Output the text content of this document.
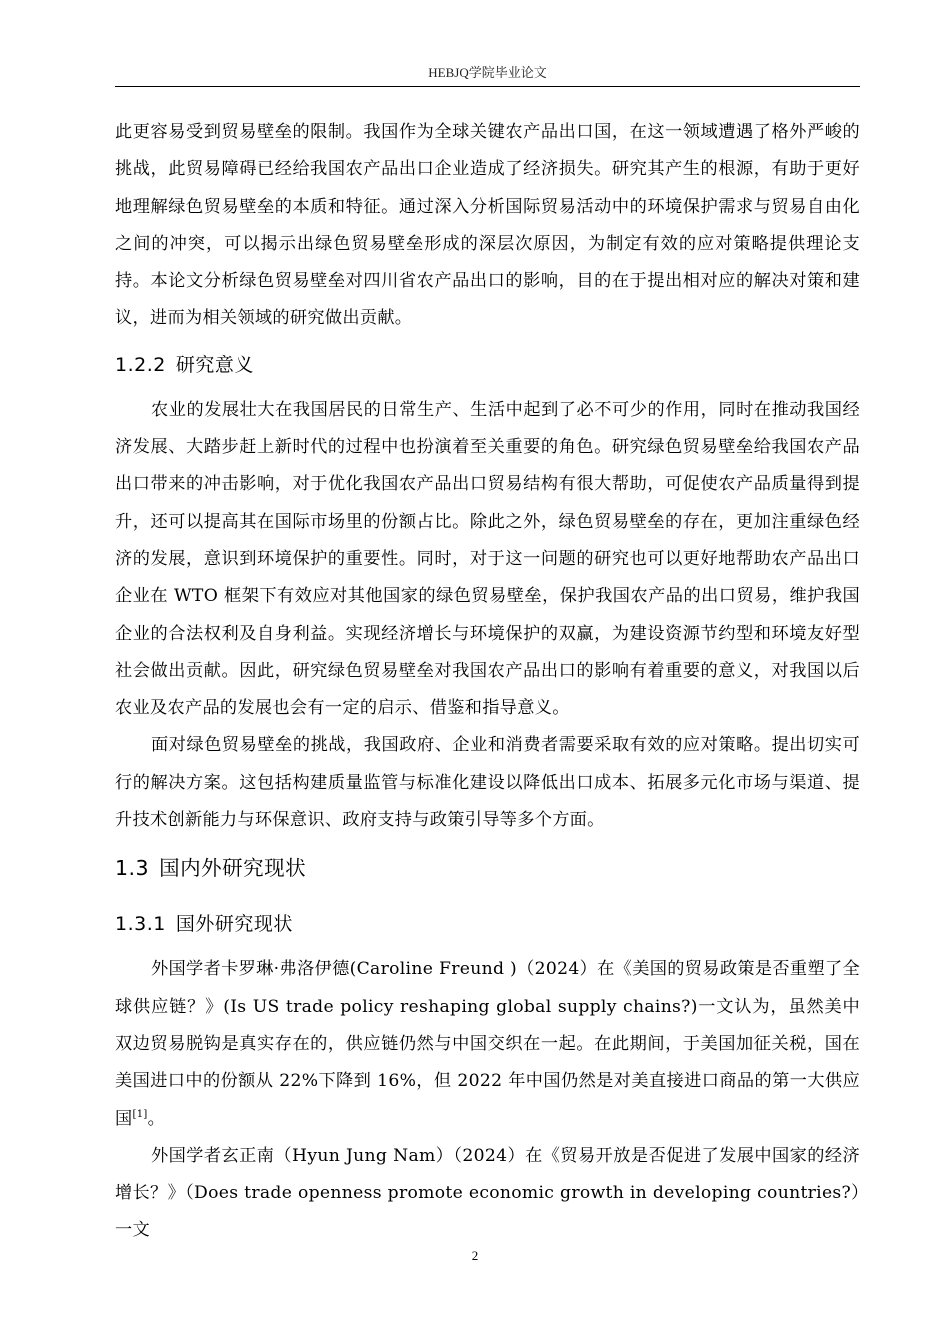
HEBJQ学院毕业论文

此更容易受到贸易壁垒的限制。我国作为全球关键农产品出口国，在这一领域遭遇了格外严峻的挑战，此贸易障碍已经给我国农产品出口企业造成了经济损失。研究其产生的根源，有助于更好地理解绿色贸易壁垒的本质和特征。通过深入分析国际贸易活动中的环境保护需求与贸易自由化之间的冲突，可以揭示出绿色贸易壁垒形成的深层次原因，为制定有效的应对策略提供理论支持。本论文分析绿色贸易壁垒对四川省农产品出口的影响，目的在于提出相对应的解决对策和建议，进而为相关领域的研究做出贡献。

1.2.2 研究意义

农业的发展壮大在我国居民的日常生产、生活中起到了必不可少的作用，同时在推动我国经济发展、大踏步赶上新时代的过程中也扮演着至关重要的角色。研究绿色贸易壁垒给我国农产品出口带来的冲击影响，对于优化我国农产品出口贸易结构有很大帮助，可促使农产品质量得到提升，还可以提高其在国际市场里的份额占比。除此之外，绿色贸易壁垒的存在，更加注重绿色经济的发展，意识到环境保护的重要性。同时，对于这一问题的研究也可以更好地帮助农产品出口企业在 WTO 框架下有效应对其他国家的绿色贸易壁垒，保护我国农产品的出口贸易，维护我国企业的合法权利及自身利益。实现经济增长与环境保护的双赢，为建设资源节约型和环境友好型社会做出贡献。因此，研究绿色贸易壁垒对我国农产品出口的影响有着重要的意义，对我国以后农业及农产品的发展也会有一定的启示、借鉴和指导意义。

面对绿色贸易壁垒的挑战，我国政府、企业和消费者需要采取有效的应对策略。提出切实可行的解决方案。这包括构建质量监管与标准化建设以降低出口成本、拓展多元化市场与渠道、提升技术创新能力与环保意识、政府支持与政策引导等多个方面。

1.3 国内外研究现状
1.3.1 国外研究现状

外国学者卡罗琳·弗洛伊德(Caroline Freund )（2024）在《美国的贸易政策是否重塑了全球供应链？》(Is US trade policy reshaping global supply chains?)一文认为，虽然美中双边贸易脱钩是真实存在的，供应链仍然与中国交织在一起。在此期间，于美国加征关税，国在美国进口中的份额从 22%下降到 16%，但 2022 年中国仍然是对美直接进口商品的第一大供应国[1]。

外国学者玄正南（Hyun Jung Nam）（2024）在《贸易开放是否促进了发展中国家的经济增长？》（Does trade openness promote economic growth in developing countries?）一文

2
